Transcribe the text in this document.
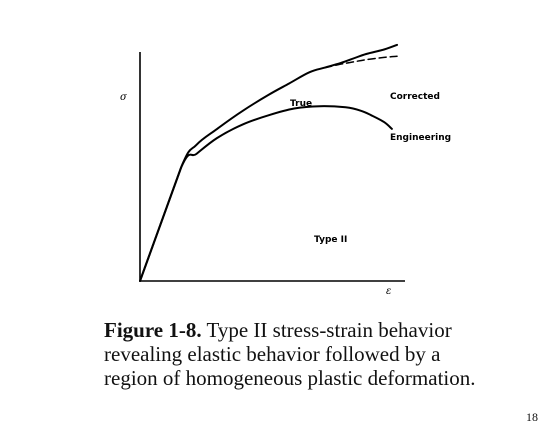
σ
ε
True
Corrected
Engineering
Type II
Figure 1-8. Type II stress-strain behavior
revealing elastic behavior followed by a
region of homogeneous plastic deformation.
18
